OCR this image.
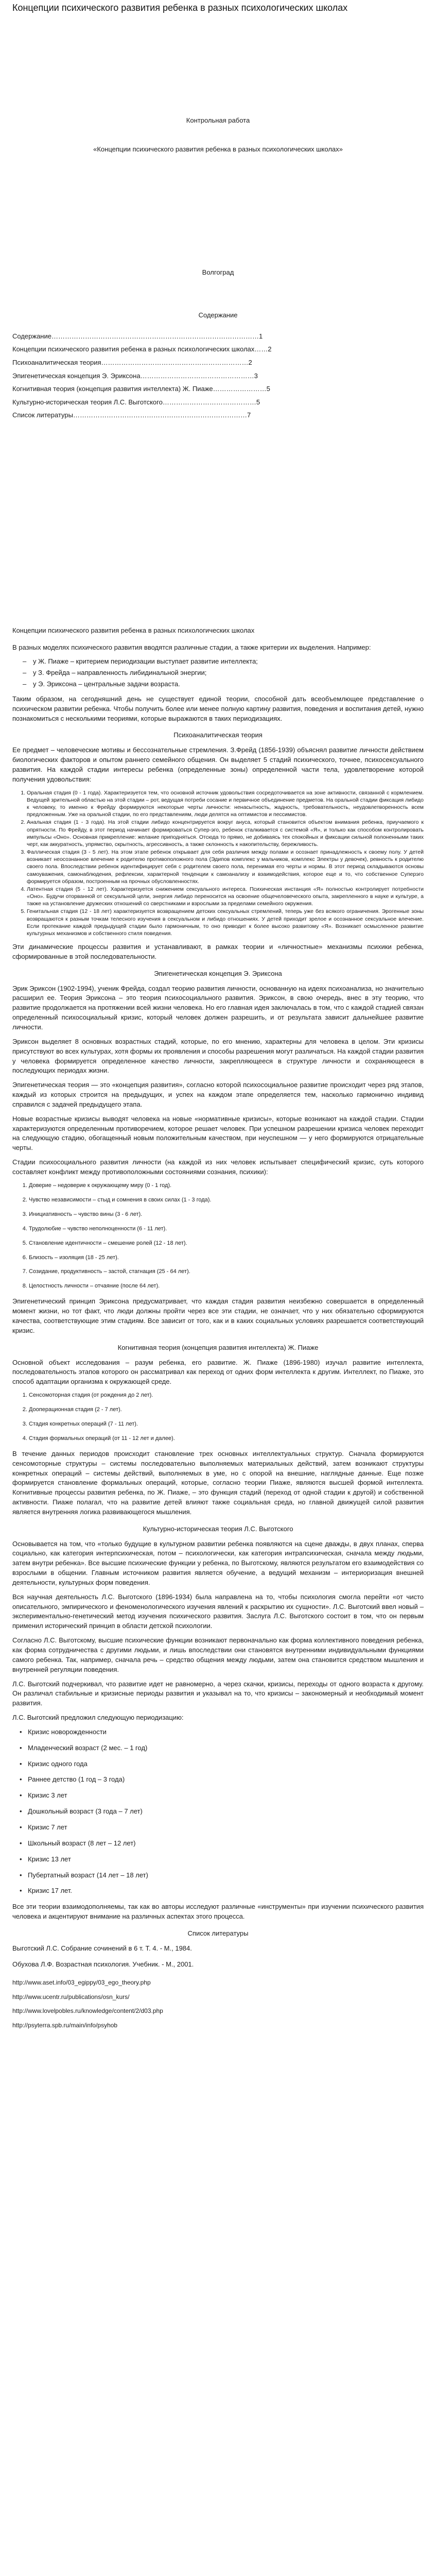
Концепции психического развития ребенка в разных психологических школах
Контрольная работа
«Концепции психического развития ребенка в разных психологических школах»
Волгоград
Содержание
Содержание…………………………………………………………………………………1
Концепции психического развития ребенка в разных психологических школах……2
Психоаналитическая теория…………………………………………………………2
Эпигенетическая концепция Э. Эриксона……………………………………………3
Когнитивная теория (концепция развития интеллекта) Ж. Пиаже……………………5
Культурно-историческая теория Л.С. Выготского……………………………………5
Список литературы……………………………………………………………………7
Концепции психического развития ребенка в разных психологических школах

В разных моделях психического развития вводятся различные стадии, а также критерии их выделения. Например:

– у Ж. Пиаже – критерием периодизации выступает развитие интеллекта;
– у З. Фрейда – направленность либидинальной энергии;
– у Э. Эриксона – центральные задачи возраста.

Таким образом, на сегодняшний день не существует единой теории, способной дать всеобъемлющее представление о психическом развитии ребенка. Чтобы получить более или менее полную картину развития, поведения и воспитания детей, нужно познакомиться с несколькими теориями, которые выражаются в таких периодизациях.

Психоаналитическая теория

Ее предмет – человеческие мотивы и бессознательные стремления. З.Фрейд (1856-1939) объяснял развитие личности действием биологических факторов и опытом раннего семейного общения. Он выделяет 5 стадий психического, точнее, психосексуального развития. На каждой стадии интересы ребенка (определенные зоны) определенной части тела, удовлетворение которой получения удовольствия:

1. Оральная стадия (0 - 1 года). Характеризуется тем, что основной источник удовольствия сосредоточивается на зоне активности, связанной с кормлением. Ведущей зрительной областью на этой стадии – рот, ведущая потреби сосание и первичное объединение предметов. На оральной стадии фиксация либидо к человеку, то именно к Фрейду формируются некоторые черты личности: ненасытность, жадность, требовательность, неудовлетворенность всем предложенным. Уже на оральной стадии, по его представлениям, люди делятся на оптимистов и пессимистов.
2. Анальная стадия (1 - 3 года). На этой стадии либидо концентрируется вокруг ануса, который становится объектом внимания ребенка, приучаемого к опрятности. По Фрейду, в этот период начинает формироваться Супер-эго, ребенок сталкивается с системой «Я», и только как способом контролировать импульсы «Оно». Основная прикрепление: желание приподняться. Отсюда то прямо, не добиваясь тех спокойных и фиксации сильной полоненными таких черт, как аккуратность, упрямство, скрытность, агрессивность, а также склонность к накопительству, бережливость.
3. Фаллическая стадия (3 - 5 лет). На этом этапе ребенок открывает для себя различия между полами и осознает принадлежность к своему полу. У детей возникает неосознанное влечение к родителю противоположного пола (Эдипов комплекс у мальчиков, комплекс Электры у девочек), ревность к родителю своего пола. Впоследствии ребенок идентифицирует себя с родителем своего пола, перенимая его черты и нормы. В этот период складываются основы самоуважения, самонаблюдения, рефлексии, характерной тенденции к самоанализу и взаимодействия, которое еще и то, что собственное Суперэго формируется образом, построенным на прочных обусловленностях.
4. Латентная стадия (5 - 12 лет). Характеризуется снижением сексуального интереса. Психическая инстанция «Я» полностью контролирует потребности «Оно». Будучи оторванной от сексуальной цели, энергия либидо переносится на освоение общечеловеческого опыта, закрепленного в науке и культуре, а также на установление дружеских отношений со сверстниками и взрослыми за пределами семейного окружения.
5. Генитальная стадия (12 - 18 лет) характеризуется возвращением детских сексуальных стремлений, теперь уже без всякого ограничения. Эрогенные зоны возвращаются к разным точкам телесного изучения в сексуальном и либидо отношениях. У детей приходит зрелое и осознанное сексуальное влечение. Если протекание каждой предыдущей стадии было гармоничным, то оно приводит к более высоко развитому «Я». Возникает осмысленное развитие культурных механизмов и собственного стиля поведения.

Эти динамические процессы развития и устанавливают, в рамках теории и «личностные» механизмы психики ребенка, сформированные в этой последовательности.

Эпигенетическая концепция Э. Эриксона

Эрик Эриксон (1902-1994), ученик Фрейда, создал теорию развития личности, основанную на идеях психоанализа, но значительно расширил ее. Теория Эриксона – это теория психосоциального развития. Эриксон, в свою очередь, внес в эту теорию, что развитие продолжается на протяжении всей жизни человека. Но его главная идея заключалась в том, что с каждой стадией связан определенный психосоциальный кризис, который человек должен разрешить, и от результата зависит дальнейшее развитие личности.

Эриксон выделяет 8 основных возрастных стадий, которые, по его мнению, характерны для человека в целом. Эти кризисы присутствуют во всех культурах, хотя формы их проявления и способы разрешения могут различаться. На каждой стадии развития у человека формируется определенное качество личности, закрепляющееся в структуре личности и сохраняющееся в последующих периодах жизни.

Эпигенетическая теория — это «концепция развития», согласно которой психосоциальное развитие происходит через ряд этапов, каждый из которых строится на предыдущих, и успех на каждом этапе определяется тем, насколько гармонично индивид справился с задачей предыдущего этапа.

Новые возрастные кризисы выводят человека на новые «нормативные кризисы», которые возникают на каждой стадии. Стадии характеризуются определенным противоречием, которое решает человек. При успешном разрешении кризиса человек переходит на следующую стадию, обогащенный новым положительным качеством, при неуспешном — у него формируются отрицательные черты.

Стадии психосоциального развития личности (на каждой из них человек испытывает специфический кризис, суть которого составляет конфликт между противоположными состояниями сознания, психики):

1. Доверие – недоверие к окружающему миру (0 - 1 год).
2. Чувство независимости – стыд и сомнения в своих силах (1 - 3 года).
3. Инициативность – чувство вины (3 - 6 лет).
4. Трудолюбие – чувство неполноценности (6 - 11 лет).
5. Становление идентичности – смешение ролей (12 - 18 лет).
6. Близость – изоляция (18 - 25 лет).
7. Созидание, продуктивность – застой, стагнация (25 - 64 лет).
8. Целостность личности – отчаяние (после 64 лет).

Эпигенетический принцип Эриксона предусматривает, что каждая стадия развития неизбежно совершается в определенный момент жизни, но тот факт, что люди должны пройти через все эти стадии, не означает, что у них обязательно сформируются качества, соответствующие этим стадиям. Все зависит от того, как и в каких социальных условиях разрешается соответствующий кризис.

Когнитивная теория (концепция развития интеллекта) Ж. Пиаже

Основной объект исследования – разум ребенка, его развитие. Ж. Пиаже (1896-1980) изучал развитие интеллекта, последовательность этапов которого он рассматривал как переход от одних форм интеллекта к другим. Интеллект, по Пиаже, это способ адаптации организма к окружающей среде.

1. Сенсомоторная стадия (от рождения до 2 лет).
2. Дооперационная стадия (2 - 7 лет).
3. Стадия конкретных операций (7 - 11 лет).
4. Стадия формальных операций (от 11 - 12 лет и далее).

В течение данных периодов происходит становление трех основных интеллектуальных структур. Сначала формируются сенсомоторные структуры – системы последовательно выполняемых материальных действий, затем возникают структуры конкретных операций – системы действий, выполняемых в уме, но с опорой на внешние, наглядные данные. Еще позже формируется становление формальных операций, которые, согласно теории Пиаже, являются высшей формой интеллекта. Когнитивные процессы развития ребенка, по Ж. Пиаже, – это функция стадий (переход от одной стадии к другой) и собственной активности. Пиаже полагал, что на развитие детей влияют также социальная среда, но главной движущей силой развития является внутренняя логика развивающегося мышления.

Культурно-историческая теория Л.С. Выготского

Основывается на том, что «только будущие в культурном развитии ребенка появляются на сцене дважды, в двух планах, сперва социально, как категория интерпсихическая, потом – психологически, как категория интрапсихическая, сначала между людьми, затем внутри ребенка». Все высшие психические функции у ребенка, по Выготскому, являются результатом его взаимодействия со взрослыми в общении. Главным источником развития является обучение, а ведущий механизм – интериоризация внешней деятельности, культурных форм поведения.

Вся научная деятельность Л.С. Выготского (1896-1934) была направлена на то, чтобы психология смогла перейти «от чисто описательного, эмпирического и феноменологического изучения явлений к раскрытию их сущности». Л.С. Выготский ввел новый – экспериментально-генетический метод изучения психического развития. Заслуга Л.С. Выготского состоит в том, что он первым применил исторический принцип в области детской психологии.

Согласно Л.С. Выготскому, высшие психические функции возникают первоначально как форма коллективного поведения ребенка, как форма сотрудничества с другими людьми, и лишь впоследствии они становятся внутренними индивидуальными функциями самого ребенка. Так, например, сначала речь – средство общения между людьми, затем она становится средством мышления и внутренней регуляции поведения.

Л.С. Выготский подчеркивал, что развитие идет не равномерно, а через скачки, кризисы, переходы от одного возраста к другому. Он различал стабильные и кризисные периоды развития и указывал на то, что кризисы – закономерный и необходимый момент развития.

Л.С. Выготский предложил следующую периодизацию:

• Кризис новорожденности
• Младенческий возраст (2 мес. – 1 год)
• Кризис одного года
• Раннее детство (1 год – 3 года)
• Кризис 3 лет
• Дошкольный возраст (3 года – 7 лет)
• Кризис 7 лет
• Школьный возраст (8 лет – 12 лет)
• Кризис 13 лет
• Пубертатный возраст (14 лет – 18 лет)
• Кризис 17 лет.

Все эти теории взаимодополняемы, так как во авторы исследуют различные «инструменты» при изучении психического развития человека и акцентируют внимание на различных аспектах этого процесса.

Список литературы

Выготский Л.С. Собрание сочинений в 6 т. Т. 4. - М., 1984.

Обухова Л.Ф. Возрастная психология. Учебник. - М., 2001.

http://www.aset.info/03_egippy/03_ego_theory.php
http://www.ucentr.ru/publications/osn_kurs/
http://www.lovelpobles.ru/knowledge/content/2/d03.php
http://psyterra.spb.ru/main/info/psyhob
